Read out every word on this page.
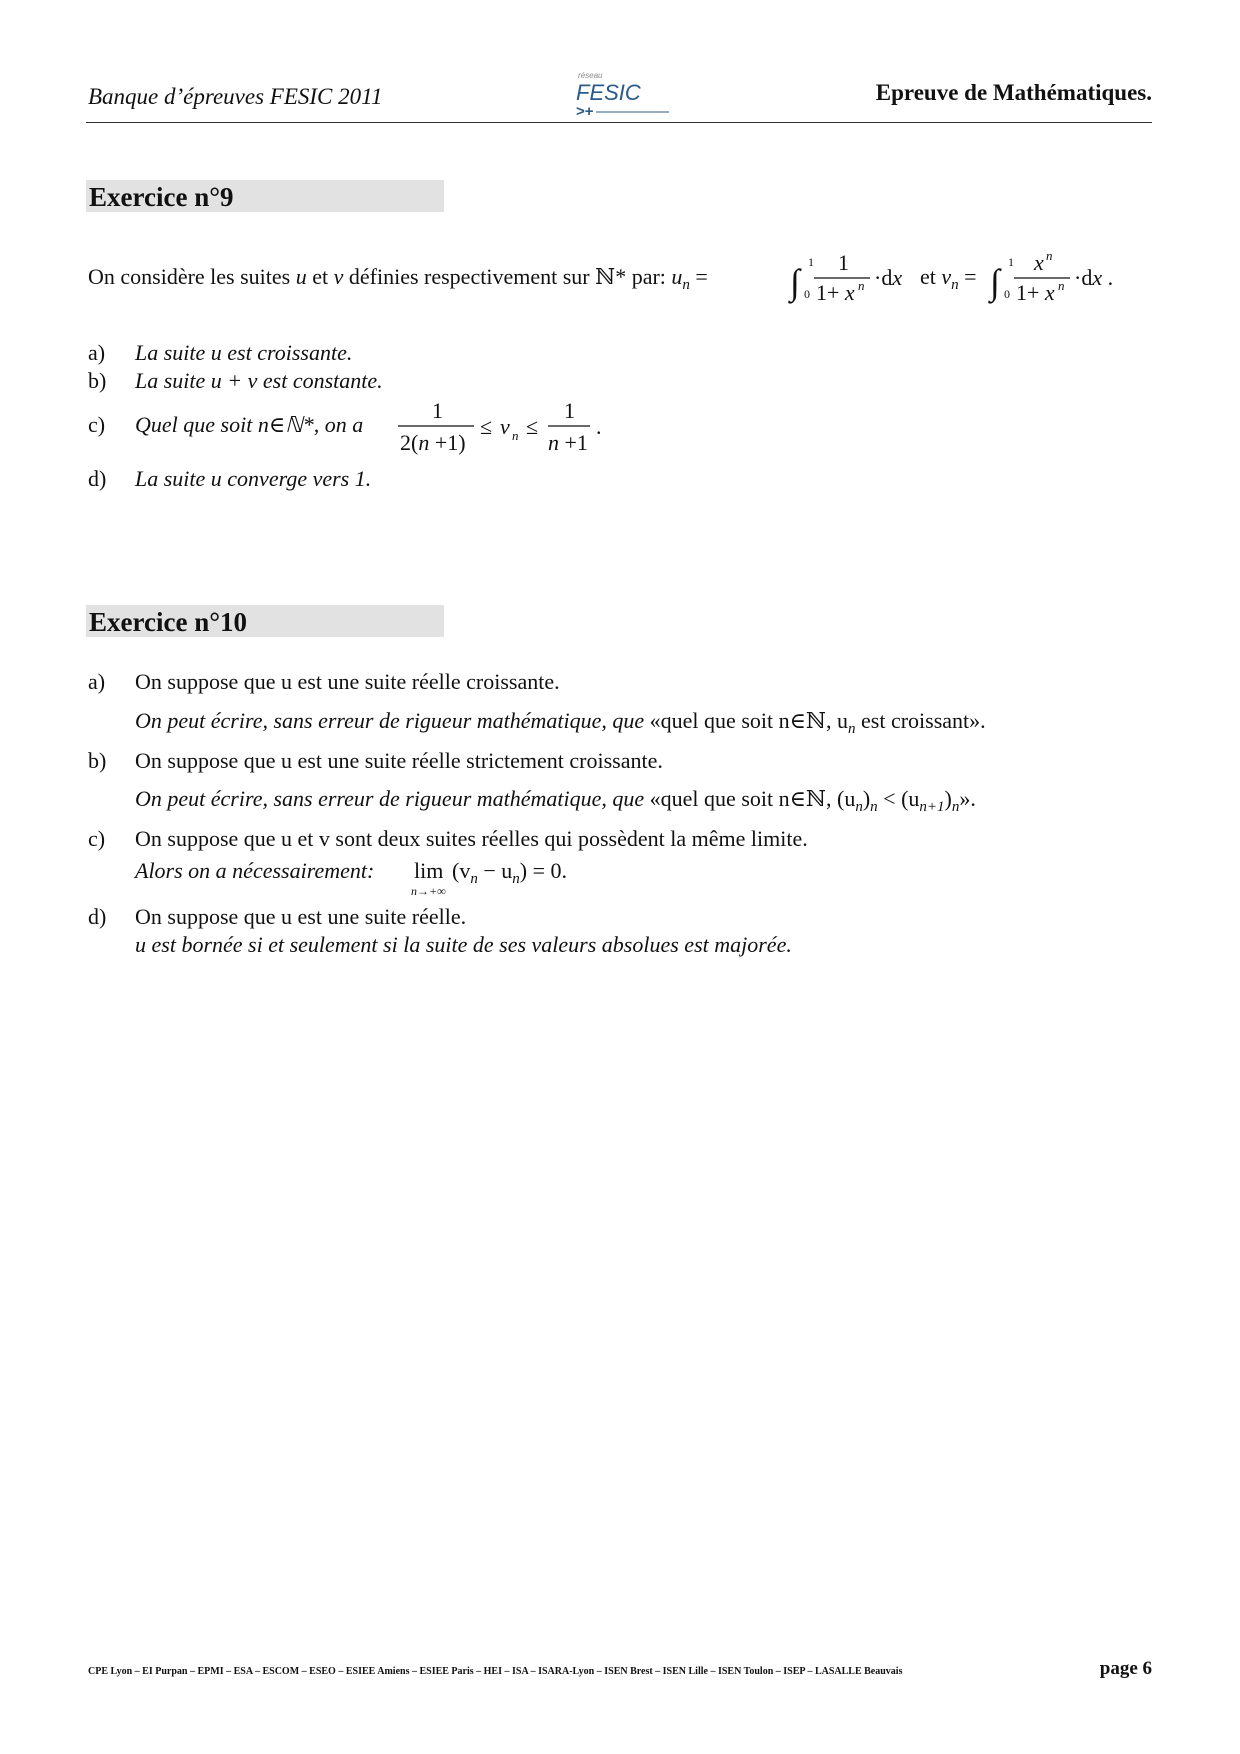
Banque d’épreuves FESIC 2011
réseau
FESIC
>+
Epreuve de Mathématiques.
Exercice n°9
On considère les suites u et v définies respectivement sur ℕ* par: $u_n$ = ∫ 1
0
1
1+ x n ·dx et $v_n$ = ∫ 1
0
x n
1+ x n ·dx .
a) La suite u est croissante.
b) La suite u + v est constante.
c) Quel que soit n∈ℕ*, on a
1
2(n +1)
≤ v n ≤
1
n +1
.
d) La suite u converge vers 1.
Exercice n°10
a) On suppose que u est une suite réelle croissante.
On peut écrire, sans erreur de rigueur mathématique, que «quel que soit n∈ℕ, $u_n$ est croissant».
b) On suppose que u est une suite réelle strictement croissante.
On peut écrire, sans erreur de rigueur mathématique, que «quel que soit n∈ℕ, $(u_n)_n < (u_{n+1})_n$».
c) On suppose que u et v sont deux suites réelles qui possèdent la même limite.
Alors on a nécessairement: lim
n→+∞
$(v_n - u_n) = 0$.
d) On suppose que u est une suite réelle.
u est bornée si et seulement si la suite de ses valeurs absolues est majorée.
CPE Lyon – EI Purpan – EPMI – ESA – ESCOM – ESEO – ESIEE Amiens – ESIEE Paris – HEI – ISA – ISARA-Lyon – ISEN Brest – ISEN Lille – ISEN Toulon – ISEP – LASALLE Beauvais	page 6
